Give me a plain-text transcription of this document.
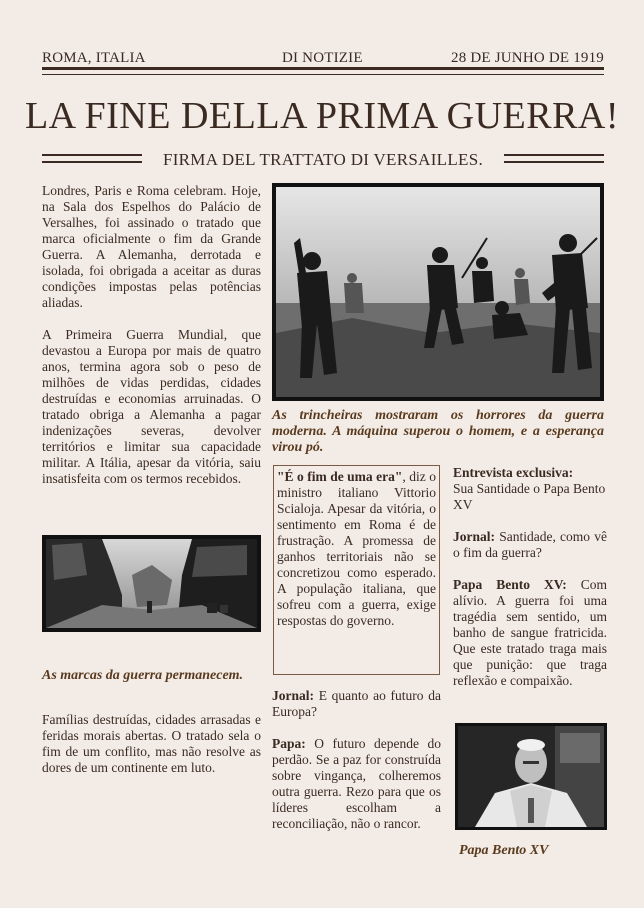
ROMA, ITALIA	DI NOTIZIE	28 DE JUNHO DE 1919
LA FINE DELLA PRIMA GUERRA!
FIRMA DEL TRATTATO DI VERSAILLES.

Londres, Paris e Roma celebram. Hoje, na Sala dos Espelhos do Palácio de Versalhes, foi assinado o tratado que marca oficialmente o fim da Grande Guerra. A Alemanha, derrotada e isolada, foi obrigada a aceitar as duras condições impostas pelas potências aliadas.

A Primeira Guerra Mundial, que devastou a Europa por mais de quatro anos, termina agora sob o peso de milhões de vidas perdidas, cidades destruídas e economias arruinadas. O tratado obriga a Alemanha a pagar indenizações severas, devolver territórios e limitar sua capacidade militar. A Itália, apesar da vitória, saiu insatisfeita com os termos recebidos.

As marcas da guerra permanecem.

Famílias destruídas, cidades arrasadas e feridas morais abertas. O tratado sela o fim de um conflito, mas não resolve as dores de um continente em luto.

As trincheiras mostraram os horrores da guerra moderna. A máquina superou o homem, e a esperança virou pó.

"É o fim de uma era", diz o ministro italiano Vittorio Scialoja. Apesar da vitória, o sentimento em Roma é de frustração. A promessa de ganhos territoriais não se concretizou como esperado. A população italiana, que sofreu com a guerra, exige respostas do governo.

Jornal: E quanto ao futuro da Europa?

Papa: O futuro depende do perdão. Se a paz for construída sobre vingança, colheremos outra guerra. Rezo para que os líderes escolham a reconciliação, não o rancor.

Entrevista exclusiva:

Sua Santidade o Papa Bento XV

Jornal: Santidade, como vê o fim da guerra?

Papa Bento XV: Com alívio. A guerra foi uma tragédia sem sentido, um banho de sangue fratricida. Que este tratado traga mais que punição: que traga reflexão e compaixão.

Papa Bento XV
